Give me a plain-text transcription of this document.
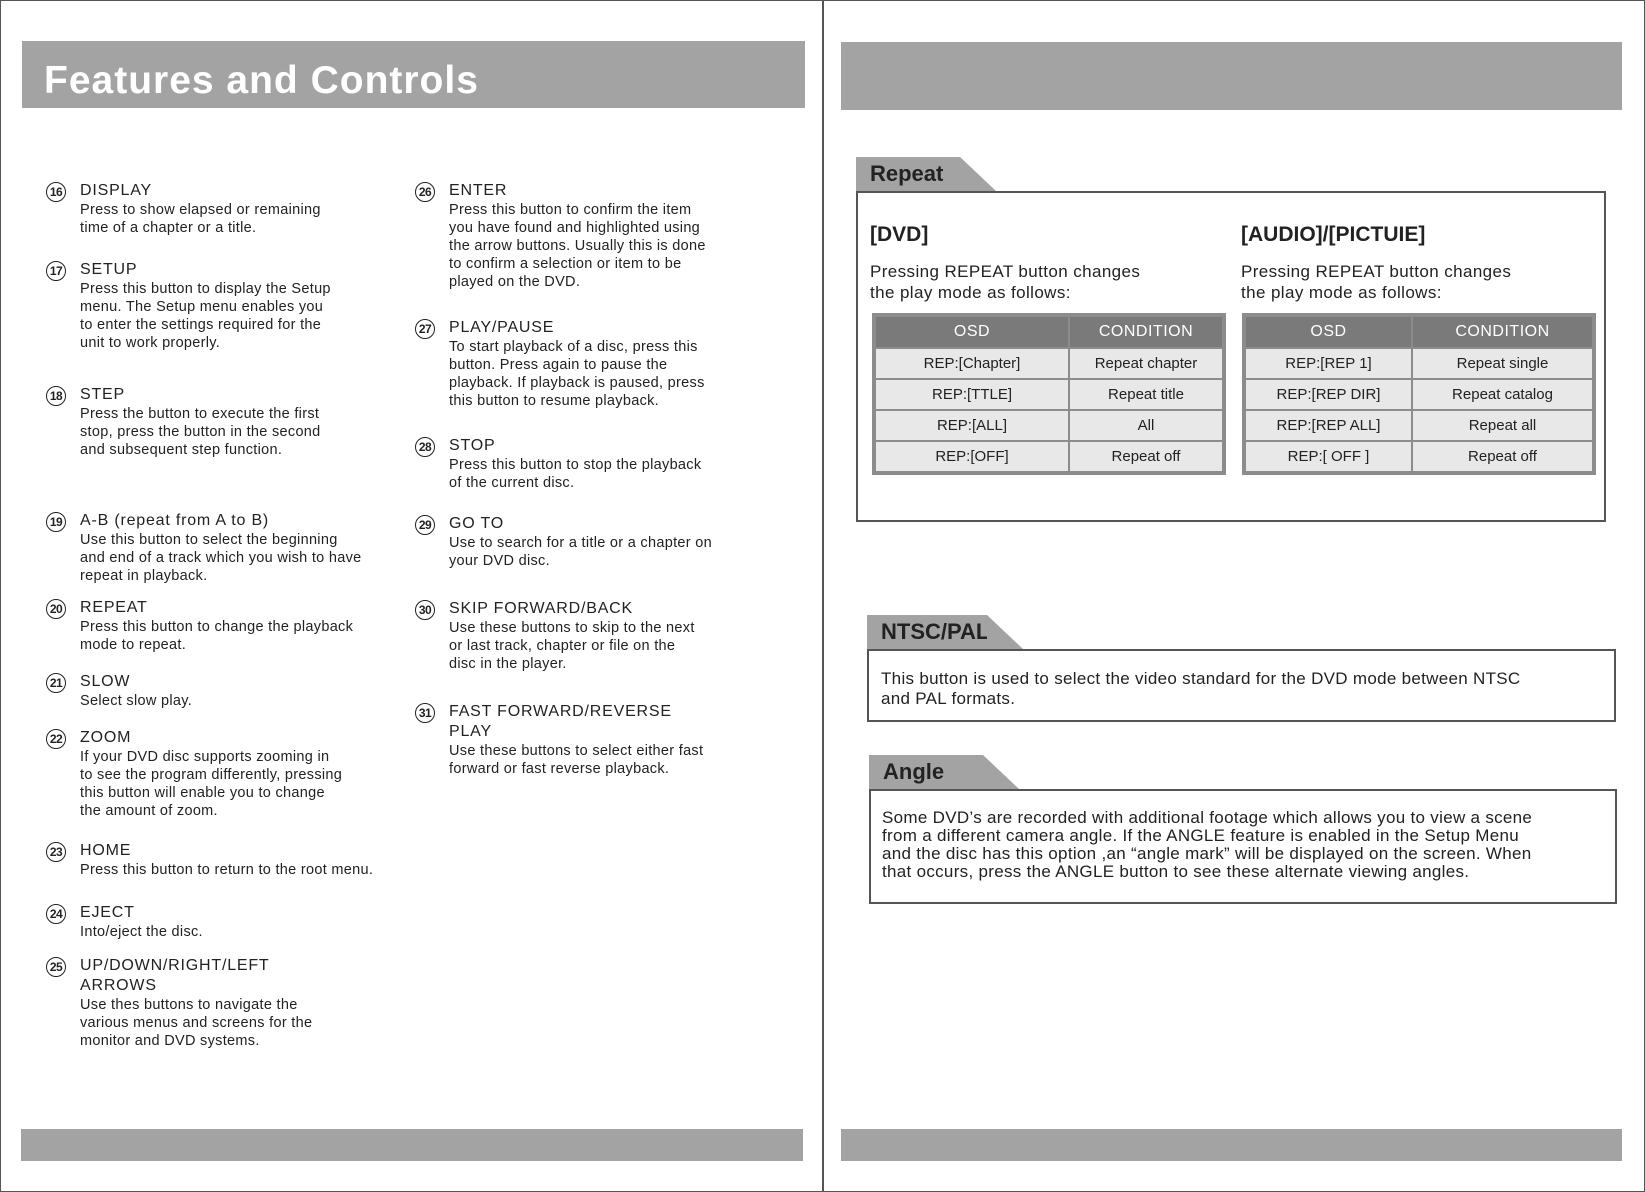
Features and Controls
16 DISPLAY

Press to show elapsed or remaining
time of a chapter or a title.

17 SETUP

Press this button to display the Setup
menu. The Setup menu enables you
to enter the settings required for the
unit to work properly.

18 STEP

Press the button to execute the first
stop, press the button in the second
and subsequent step function.

19 A-B (repeat from A to B)

Use this button to select the beginning
and end of a track which you wish to have
repeat in playback.

20 REPEAT

Press this button to change the playback
mode to repeat.

21 SLOW

Select slow play.

22 ZOOM

If your DVD disc supports zooming in
to see the program differently, pressing
this button will enable you to change
the amount of zoom.

23 HOME

Press this button to return to the root menu.

24 EJECT

Into/eject the disc.

25 UP/DOWN/RIGHT/LEFT ARROWS

Use thes buttons to navigate the
various menus and screens for the
monitor and DVD systems.

26 ENTER

Press this button to confirm the item
you have found and highlighted using
the arrow buttons. Usually this is done
to confirm a selection or item to be
played on the DVD.

27 PLAY/PAUSE

To start playback of a disc, press this
button. Press again to pause the
playback. If playback is paused, press
this button to resume playback.

28 STOP

Press this button to stop the playback
of the current disc.

29 GO TO

Use to search for a title or a chapter on
your DVD disc.

30 SKIP FORWARD/BACK

Use these buttons to skip to the next
or last track, chapter or file on the
disc in the player.

31 FAST FORWARD/REVERSE PLAY

Use these buttons to select either fast
forward or fast reverse playback.

Repeat
[DVD]

Pressing REPEAT button changes
the play mode as follows:

OSD	CONDITION
REP:[Chapter]	Repeat chapter
REP:[TTLE]	Repeat title
REP:[ALL]	All
REP:[OFF]	Repeat off
[AUDIO]/[PICTUIE]

Pressing REPEAT button changes
the play mode as follows:

OSD	CONDITION
REP:[REP 1]	Repeat single
REP:[REP DIR]	Repeat catalog
REP:[REP ALL]	Repeat all
REP:[ OFF ]	Repeat off
NTSC/PAL

This button is used to select the video standard for the DVD mode between NTSC
and PAL formats.

Angle

Some DVD’s are recorded with additional footage which allows you to view a scene
from a different camera angle. If the ANGLE feature is enabled in the Setup Menu
and the disc has this option ,an “angle mark” will be displayed on the screen. When
that occurs, press the ANGLE button to see these alternate viewing angles.
